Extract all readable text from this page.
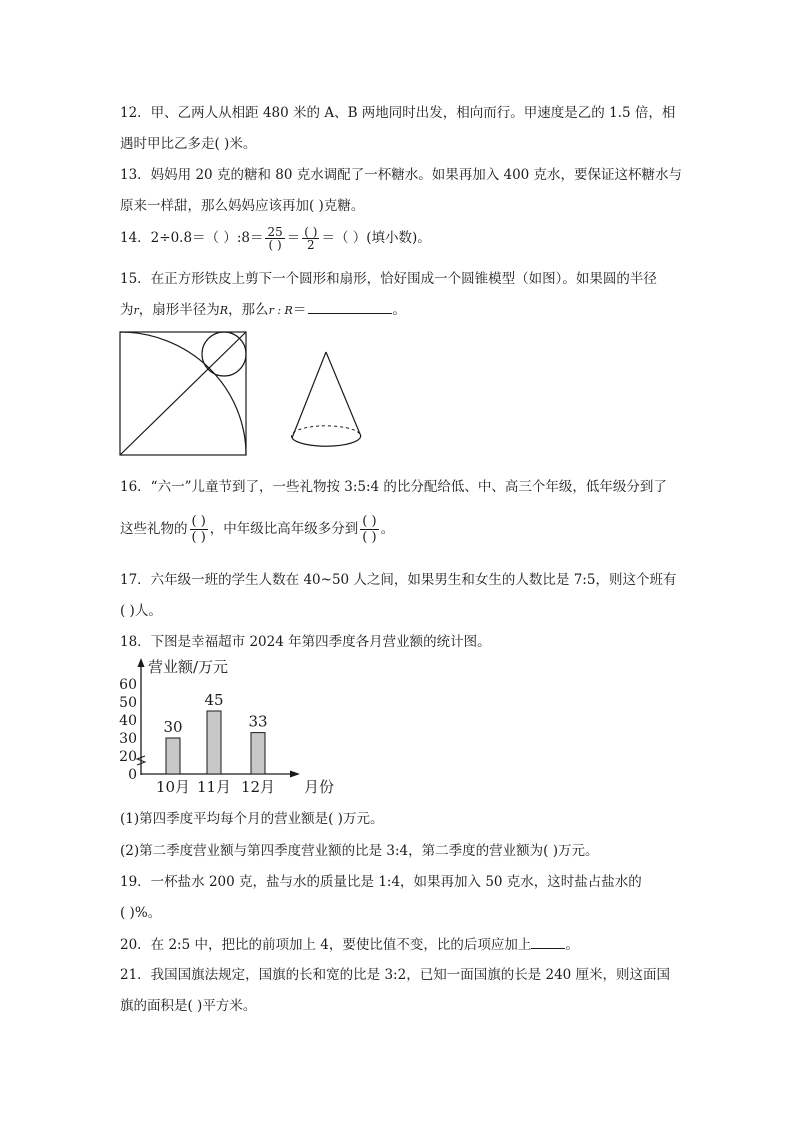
12．甲、乙两人从相距 480 米的 A、B 两地同时出发，相向而行。甲速度是乙的 1.5 倍，相
遇时甲比乙多走( )米。
13．妈妈用 20 克的糖和 80 克水调配了一杯糖水。如果再加入 400 克水，要保证这杯糖水与
原来一样甜，那么妈妈应该再加( )克糖。
14．2÷0.8＝（ ）:8＝ $\frac{25}{( )} = \frac{( )}{2}$ ＝（ ）(填小数)。
15．在正方形铁皮上剪下一个圆形和扇形，恰好围成一个圆锥模型（如图）。如果圆的半径
为r，扇形半径为R，那么r : R＝	。
16．“六一”儿童节到了，一些礼物按 3:5:4 的比分配给低、中、高三个年级，低年级分到了
这些礼物的 $\frac{( )}{( )}$ ，中年级比高年级多分到 $\frac{( )}{( )}$ 。
17．六年级一班的学生人数在 40~50 人之间，如果男生和女生的人数比是 7:5，则这个班有
( )人。
18．下图是幸福超市 2024 年第四季度各月营业额的统计图。
营业额/万元
月份
60
50
40
30
20
0
30
45
33
10月 11月 12月
(1)第四季度平均每个月的营业额是( )万元。
(2)第二季度营业额与第四季度营业额的比是 3:4，第二季度的营业额为( )万元。
19．一杯盐水 200 克，盐与水的质量比是 1:4，如果再加入 50 克水，这时盐占盐水的
( )%。
20．在 2:5 中，把比的前项加上 4，要使比值不变，比的后项应加上	。
21．我国国旗法规定，国旗的长和宽的比是 3:2，已知一面国旗的长是 240 厘米，则这面国
旗的面积是( )平方米。
